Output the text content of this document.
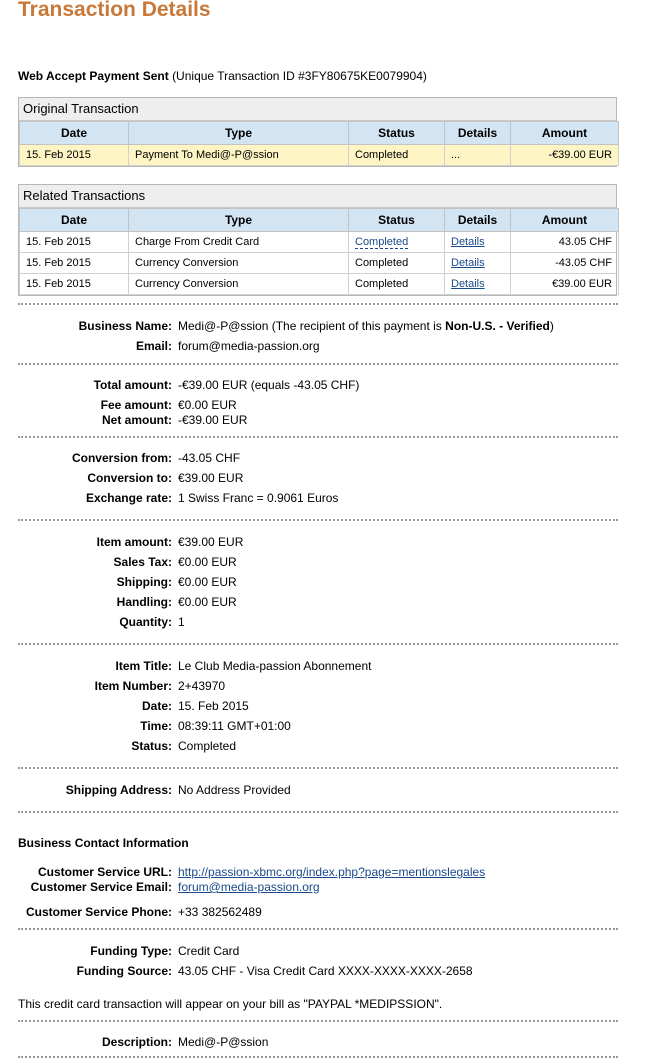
Transaction Details
Web Accept Payment Sent (Unique Transaction ID #3FY80675KE0079904)
Original Transaction
Date	Type	Status	Details	Amount
15. Feb 2015	Payment To Medi@-P@ssion	Completed	...	-€39.00 EUR
Related Transactions
Date	Type	Status	Details	Amount
15. Feb 2015	Charge From Credit Card	Completed	Details	43.05 CHF
15. Feb 2015	Currency Conversion	Completed	Details	-43.05 CHF
15. Feb 2015	Currency Conversion	Completed	Details	€39.00 EUR
Business Name: Medi@-P@ssion (The recipient of this payment is Non-U.S. - Verified)
Email: forum@media-passion.org
Total amount: -€39.00 EUR (equals -43.05 CHF)
Fee amount: €0.00 EUR
Net amount: -€39.00 EUR
Conversion from: -43.05 CHF
Conversion to: €39.00 EUR
Exchange rate: 1 Swiss Franc = 0.9061 Euros
Item amount: €39.00 EUR
Sales Tax: €0.00 EUR
Shipping: €0.00 EUR
Handling: €0.00 EUR
Quantity: 1
Item Title: Le Club Media-passion Abonnement
Item Number: 2+43970
Date: 15. Feb 2015
Time: 08:39:11 GMT+01:00
Status: Completed
Shipping Address: No Address Provided
Business Contact Information
Customer Service URL: http://passion-xbmc.org/index.php?page=mentionslegales
Customer Service Email: forum@media-passion.org
Customer Service Phone: +33 382562489
Funding Type: Credit Card
Funding Source: 43.05 CHF - Visa Credit Card XXXX-XXXX-XXXX-2658
This credit card transaction will appear on your bill as "PAYPAL *MEDIPSSION".
Description: Medi@-P@ssion
